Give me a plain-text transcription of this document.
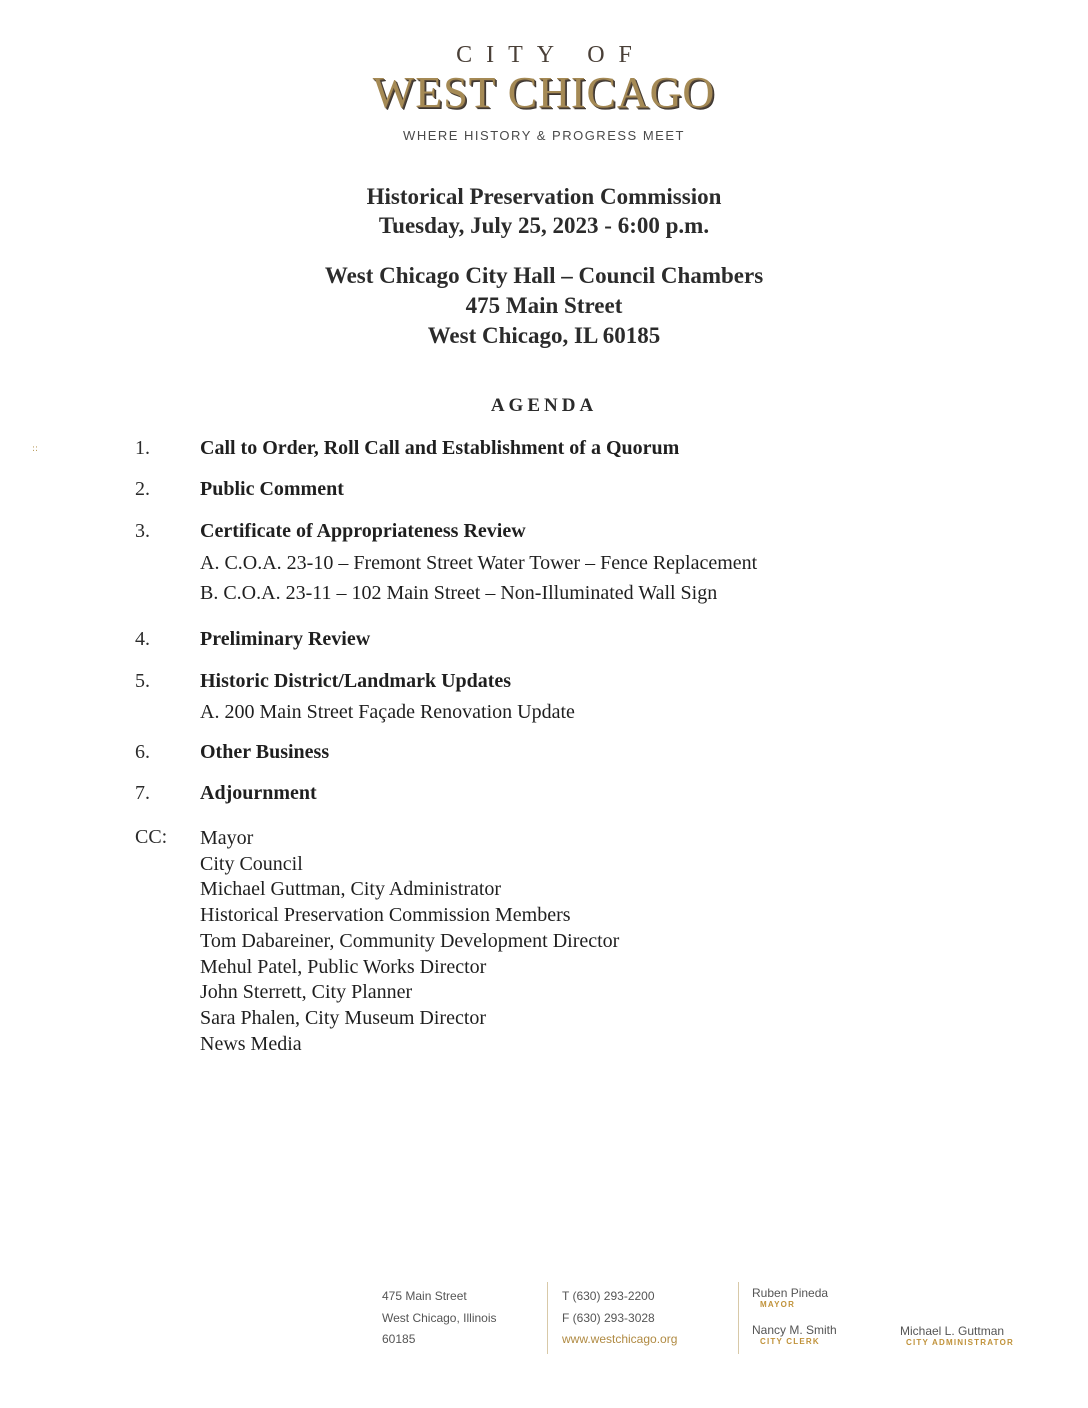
CITY OF
WEST CHICAGO
WHERE HISTORY & PROGRESS MEET
Historical Preservation Commission
Tuesday, July 25, 2023 - 6:00 p.m.
West Chicago City Hall – Council Chambers
475 Main Street
West Chicago, IL 60185
AGENDA
::	1.	Call to Order, Roll Call and Establishment of a Quorum
2.	Public Comment
3.	Certificate of Appropriateness Review
A. C.O.A. 23-10 – Fremont Street Water Tower – Fence Replacement
B. C.O.A. 23-11 – 102 Main Street – Non-Illuminated Wall Sign
4.	Preliminary Review
5.	Historic District/Landmark Updates
A. 200 Main Street Façade Renovation Update
6.	Other Business
7.	Adjournment
CC: Mayor
City Council
Michael Guttman, City Administrator
Historical Preservation Commission Members
Tom Dabareiner, Community Development Director
Mehul Patel, Public Works Director
John Sterrett, City Planner
Sara Phalen, City Museum Director
News Media
475 Main Street
West Chicago, Illinois
60185
T (630) 293-2200
F (630) 293-3028
www.westchicago.org
Ruben Pineda
MAYOR
Nancy M. Smith
CITY CLERK
Michael L. Guttman
CITY ADMINISTRATOR
